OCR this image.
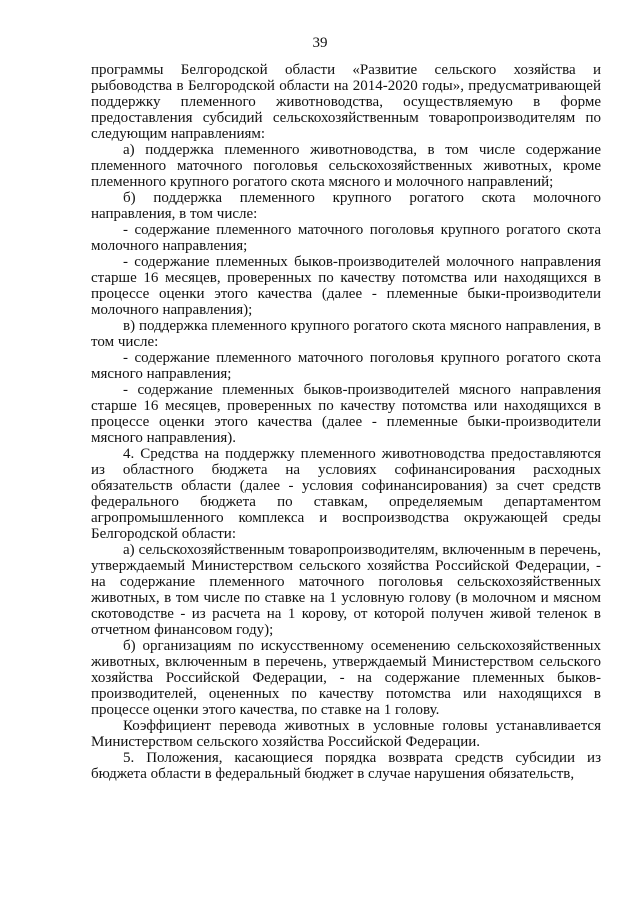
39

программы Белгородской области «Развитие сельского хозяйства и рыбоводства в Белгородской области на 2014-2020 годы», предусматривающей поддержку племенного животноводства, осуществляемую в форме предоставления субсидий сельскохозяйственным товаропроизводителям по следующим направлениям:

а) поддержка племенного животноводства, в том числе содержание племенного маточного поголовья сельскохозяйственных животных, кроме племенного крупного рогатого скота мясного и молочного направлений;

б) поддержка племенного крупного рогатого скота молочного направления, в том числе:

- содержание племенного маточного поголовья крупного рогатого скота молочного направления;

- содержание племенных быков-производителей молочного направления старше 16 месяцев, проверенных по качеству потомства или находящихся в процессе оценки этого качества (далее - племенные быки-производители молочного направления);

в) поддержка племенного крупного рогатого скота мясного направления, в том числе:

- содержание племенного маточного поголовья крупного рогатого скота мясного направления;

- содержание племенных быков-производителей мясного направления старше 16 месяцев, проверенных по качеству потомства или находящихся в процессе оценки этого качества (далее - племенные быки-производители мясного направления).

4. Средства на поддержку племенного животноводства предоставляются из областного бюджета на условиях софинансирования расходных обязательств области (далее - условия софинансирования) за счет средств федерального бюджета по ставкам, определяемым департаментом агропромышленного комплекса и воспроизводства окружающей среды Белгородской области:

а) сельскохозяйственным товаропроизводителям, включенным в перечень, утверждаемый Министерством сельского хозяйства Российской Федерации, - на содержание племенного маточного поголовья сельскохозяйственных животных, в том числе по ставке на 1 условную голову (в молочном и мясном скотоводстве - из расчета на 1 корову, от которой получен живой теленок в отчетном финансовом году);

б) организациям по искусственному осеменению сельскохозяйственных животных, включенным в перечень, утверждаемый Министерством сельского хозяйства Российской Федерации, - на содержание племенных быков-производителей, оцененных по качеству потомства или находящихся в процессе оценки этого качества, по ставке на 1 голову.

Коэффициент перевода животных в условные головы устанавливается Министерством сельского хозяйства Российской Федерации.

5. Положения, касающиеся порядка возврата средств субсидии из бюджета области в федеральный бюджет в случае нарушения обязательств,
